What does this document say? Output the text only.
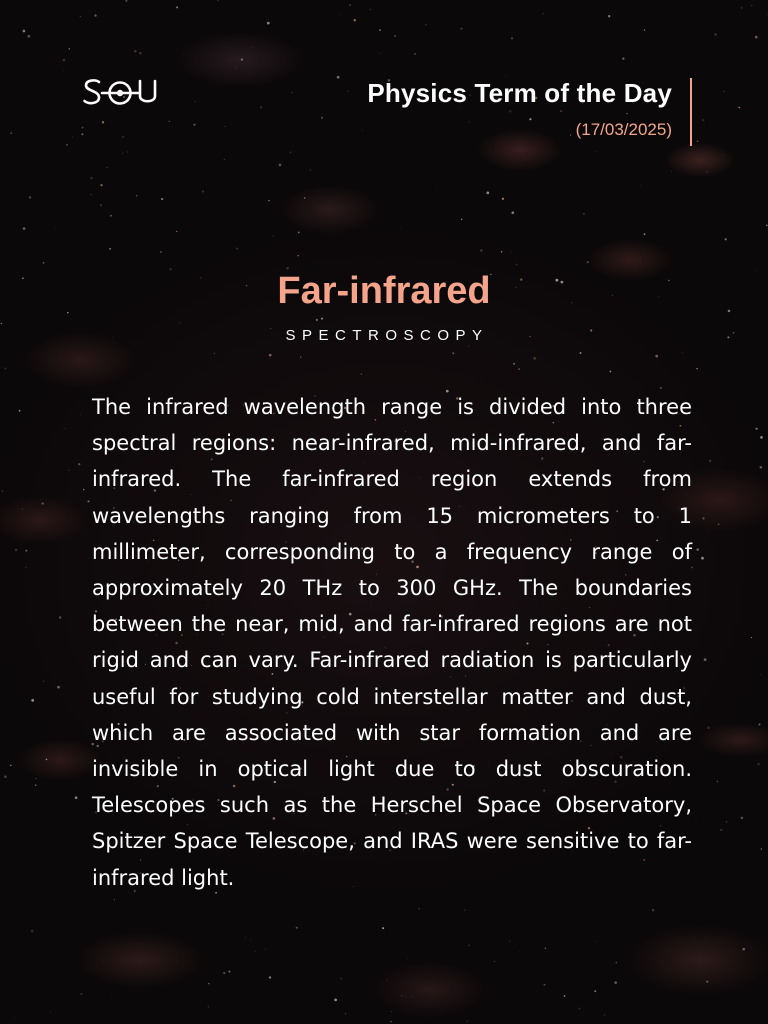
Physics Term of the Day
(17/03/2025)
Far-infrared
SPECTROSCOPY

The infrared wavelength range is divided into three spectral regions: near-infrared, mid-infrared, and far-infrared. The far-infrared region extends from wavelengths ranging from 15 micrometers to 1 millimeter, corresponding to a frequency range of approximately 20 THz to 300 GHz. The boundaries between the near, mid, and far-infrared regions are not rigid and can vary. Far-infrared radiation is particularly useful for studying cold interstellar matter and dust, which are associated with star formation and are invisible in optical light due to dust obscuration. Telescopes such as the Herschel Space Observatory, Spitzer Space Telescope, and IRAS were sensitive to far-infrared light.
